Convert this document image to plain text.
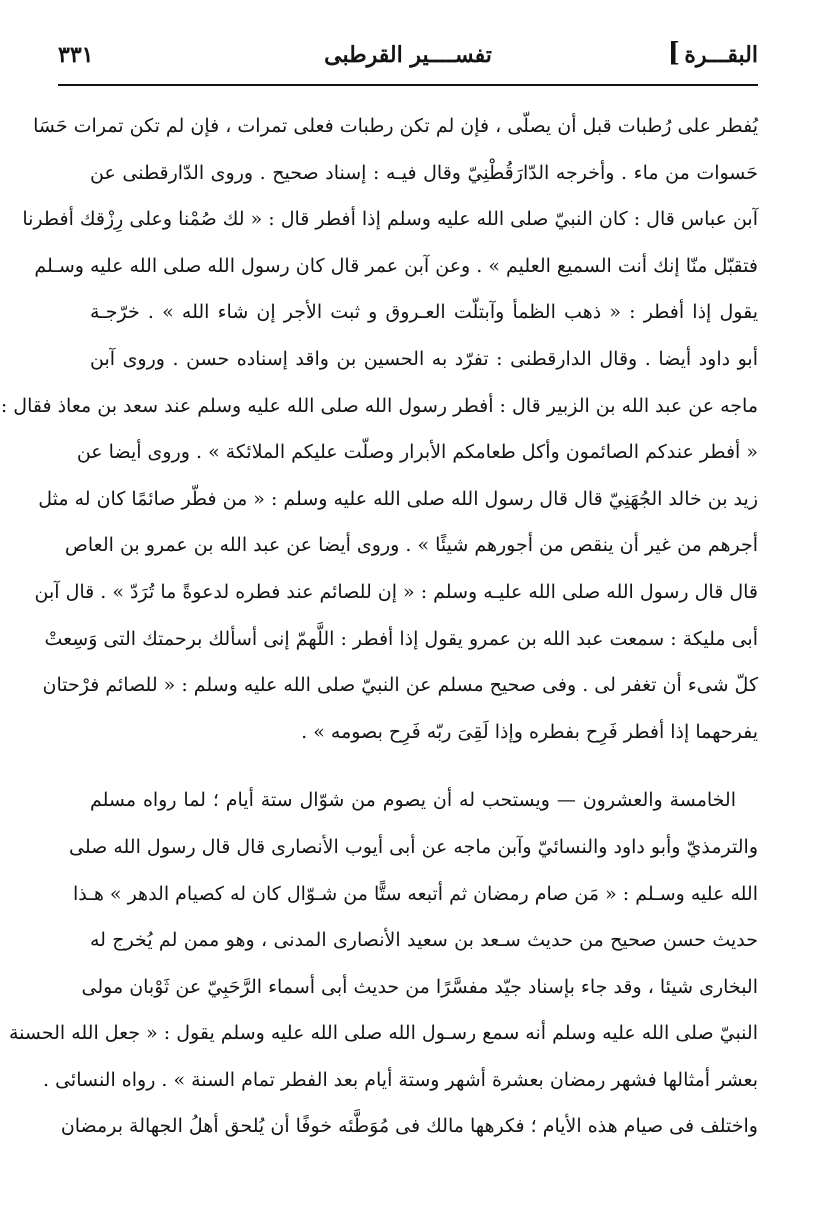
البقـــرة
]
تفســــير القرطبى
٣٣١
يُفطر على رُطبات قبل أن يصلّى ، فإن لم تكن رطبات فعلى تمرات ، فإن لم تكن تمرات حَسَا
حَسوات من ماء . وأخرجه الدّارَقُطْنِيّ وقال فيـه : إسناد صحيح . وروى الدّارقطنى عن
آبن عباس قال : كان النبيّ صلى الله عليه وسلم إذا أفطر قال : « لك صُمْنا وعلى رِزْقك أفطرنا
فتقبّل منّا إنك أنت السميع العليم » . وعن آبن عمر قال كان رسول الله صلى الله عليه وسـلم
يقول إذا أفطر : « ذهب الظمأ وآبتلّت العـروق و ثبت الأجر إن شاء الله » . خرّجـة
أبو داود أيضا . وقال الدارقطنى : تفرّد به الحسين بن واقد إسناده حسن . وروى آبن
ماجه عن عبد الله بن الزبير قال : أفطر رسول الله صلى الله عليه وسلم عند سعد بن معاذ فقال :
« أفطر عندكم الصائمون وأكل طعامكم الأبرار وصلّت عليكم الملائكة » . وروى أيضا عن
زيد بن خالد الجُهَنِيّ قال قال رسول الله صلى الله عليه وسلم : « من فطّر صائمًا كان له مثل
أجرهم من غير أن ينقص من أجورهم شيئًا » . وروى أيضا عن عبد الله بن عمرو بن العاص
قال قال رسول الله صلى الله عليـه وسلم : « إن للصائم عند فطره لدعوةً ما تُرَدّ » . قال آبن
أبى مليكة : سمعت عبد الله بن عمرو يقول إذا أفطر : اللَّهمّ إنى أسألك برحمتك التى وَسِعتْ
كلّ شىء أن تغفر لى . وفى صحيح مسلم عن النبيّ صلى الله عليه وسلم : « للصائم فرْحتان
يفرحهما إذا أفطر فَرِح بفطره وإذا لَقِىَ ربّه فَرِح بصومه » .
الخامسة والعشرون — ويستحب له أن يصوم من شوّال ستة أيام ؛ لما رواه مسلم
والترمذيّ وأبو داود والنسائيّ وآبن ماجه عن أبى أيوب الأنصارى قال قال رسول الله صلى
الله عليه وسـلم : « مَن صام رمضان ثم أتبعه ستًّا من شـوّال كان له كصيام الدهر » هـذا
حديث حسن صحيح من حديث سـعد بن سعيد الأنصارى المدنى ، وهو ممن لم يُخرج له
البخارى شيئا ، وقد جاء بإسناد جيّد مفسَّرًا من حديث أبى أسماء الرَّحَبِيّ عن ثَوْبان مولى
النبيّ صلى الله عليه وسلم أنه سمع رسـول الله صلى الله عليه وسلم يقول : « جعل الله الحسنة
بعشر أمثالها فشهر رمضان بعشرة أشهر وستة أيام بعد الفطر تمام السنة » . رواه النسائى .
واختلف فى صيام هذه الأيام ؛ فكرهها مالك فى مُوَطَّئه خوفًا أن يُلحق أهلُ الجهالة برمضان
